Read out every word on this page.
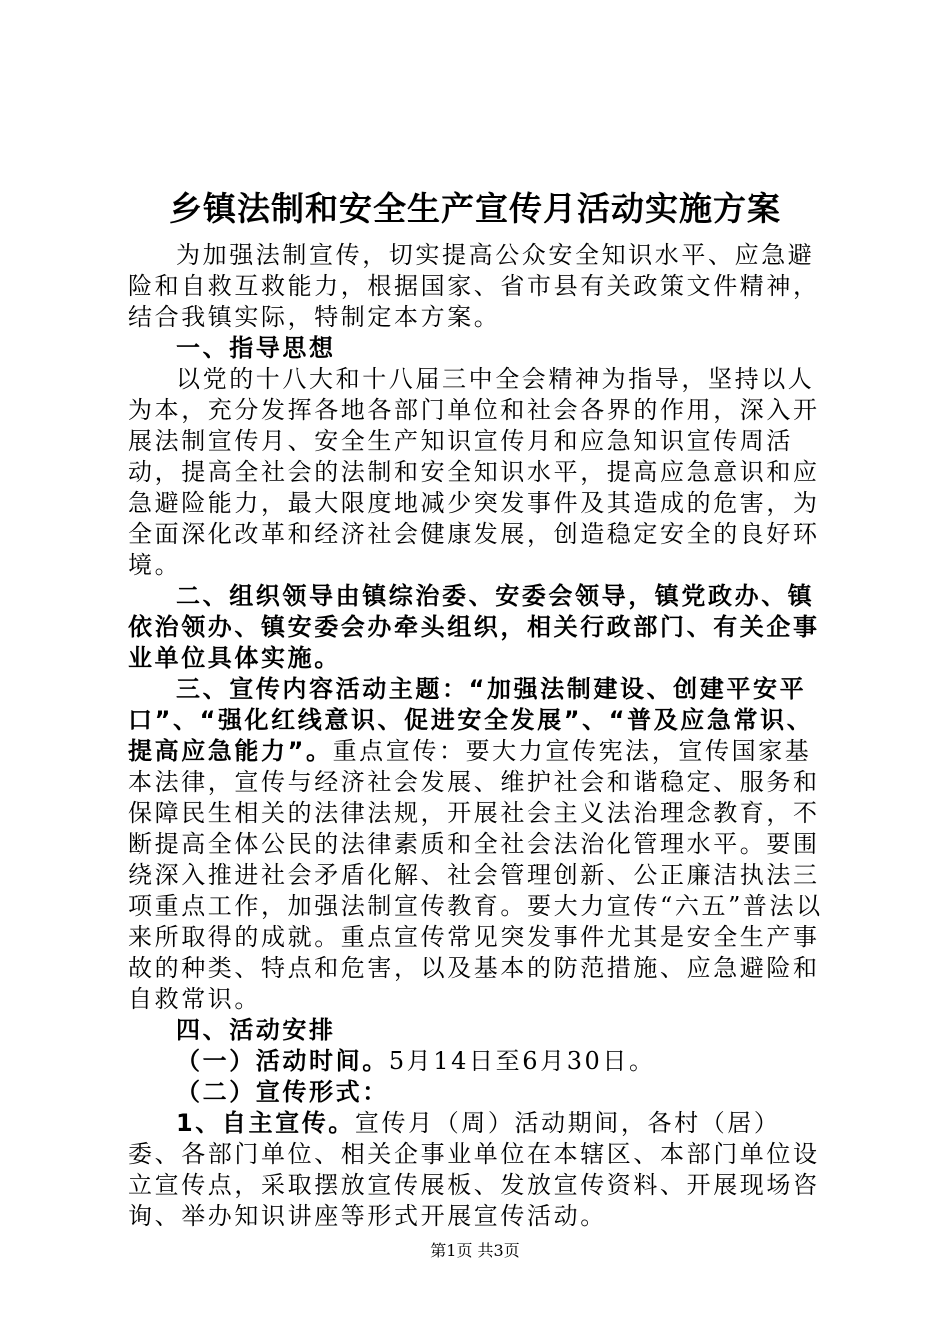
乡镇法制和安全生产宣传月活动实施方案

为加强法制宣传，切实提高公众安全知识水平、应急避险和自救互救能力，根据国家、省市县有关政策文件精神，结合我镇实际，特制定本方案。

一、指导思想

以党的十八大和十八届三中全会精神为指导，坚持以人为本，充分发挥各地各部门单位和社会各界的作用，深入开展法制宣传月、安全生产知识宣传月和应急知识宣传周活动，提高全社会的法制和安全知识水平，提高应急意识和应急避险能力，最大限度地减少突发事件及其造成的危害，为全面深化改革和经济社会健康发展，创造稳定安全的良好环境。

二、组织领导由镇综治委、安委会领导，镇党政办、镇依治领办、镇安委会办牵头组织，相关行政部门、有关企事业单位具体实施。

三、宣传内容活动主题：“加强法制建设、创建平安平口”、“强化红线意识、促进安全发展”、“普及应急常识、提高应急能力”。重点宣传：要大力宣传宪法，宣传国家基本法律，宣传与经济社会发展、维护社会和谐稳定、服务和保障民生相关的法律法规，开展社会主义法治理念教育，不断提高全体公民的法律素质和全社会法治化管理水平。要围绕深入推进社会矛盾化解、社会管理创新、公正廉洁执法三项重点工作，加强法制宣传教育。要大力宣传“六五”普法以来所取得的成就。重点宣传常见突发事件尤其是安全生产事故的种类、特点和危害，以及基本的防范措施、应急避险和自救常识。

四、活动安排

（一）活动时间。5月14日至6月30日。

（二）宣传形式：

1、自主宣传。宣传月（周）活动期间，各村（居）委、各部门单位、相关企事业单位在本辖区、本部门单位设立宣传点，采取摆放宣传展板、发放宣传资料、开展现场咨询、举办知识讲座等形式开展宣传活动。

第1页 共3页
